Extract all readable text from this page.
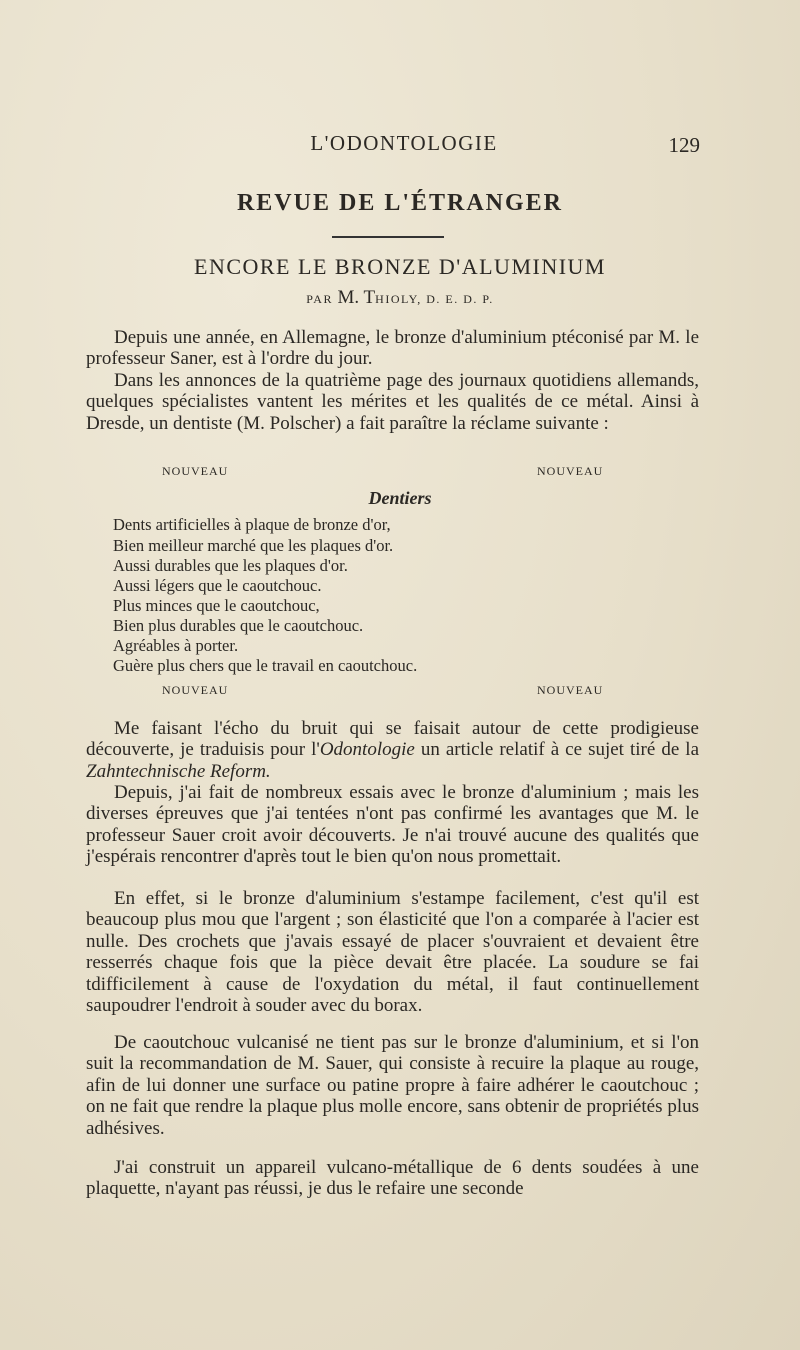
L'ODONTOLOGIE	129
REVUE DE L'ÉTRANGER
ENCORE LE BRONZE D'ALUMINIUM
PAR M. THIOLY, D. E. D. P.
Depuis une année, en Allemagne, le bronze d'aluminium ptéconisé par M. le professeur Saner, est à l'ordre du jour.
Dans les annonces de la quatrième page des journaux quotidiens allemands, quelques spécialistes vantent les mérites et les qualités de ce métal. Ainsi à Dresde, un dentiste (M. Polscher) a fait paraître la réclame suivante :
NOUVEAU	NOUVEAU
Dentiers
Dents artificielles à plaque de bronze d'or,
Bien meilleur marché que les plaques d'or.
Aussi durables que les plaques d'or.
Aussi légers que le caoutchouc.
Plus minces que le caoutchouc,
Bien plus durables que le caoutchouc.
Agréables à porter.
Guère plus chers que le travail en caoutchouc.
NOUVEAU	NOUVEAU
Me faisant l'écho du bruit qui se faisait autour de cette prodigieuse découverte, je traduisis pour l'Odontologie un article relatif à ce sujet tiré de la Zahntechnische Reform.
Depuis, j'ai fait de nombreux essais avec le bronze d'aluminium ; mais les diverses épreuves que j'ai tentées n'ont pas confirmé les avantages que M. le professeur Sauer croit avoir découverts. Je n'ai trouvé aucune des qualités que j'espérais rencontrer d'après tout le bien qu'on nous promettait.
En effet, si le bronze d'aluminium s'estampe facilement, c'est qu'il est beaucoup plus mou que l'argent ; son élasticité que l'on a comparée à l'acier est nulle. Des crochets que j'avais essayé de placer s'ouvraient et devaient être resserrés chaque fois que la pièce devait être placée. La soudure se fai tdifficilement à cause de l'oxydation du métal, il faut continuellement saupoudrer l'endroit à souder avec du borax.
De caoutchouc vulcanisé ne tient pas sur le bronze d'aluminium, et si l'on suit la recommandation de M. Sauer, qui consiste à recuire la plaque au rouge, afin de lui donner une surface ou patine propre à faire adhérer le caoutchouc ; on ne fait que rendre la plaque plus molle encore, sans obtenir de propriétés plus adhésives.
J'ai construit un appareil vulcano-métallique de 6 dents soudées à une plaquette, n'ayant pas réussi, je dus le refaire une seconde
